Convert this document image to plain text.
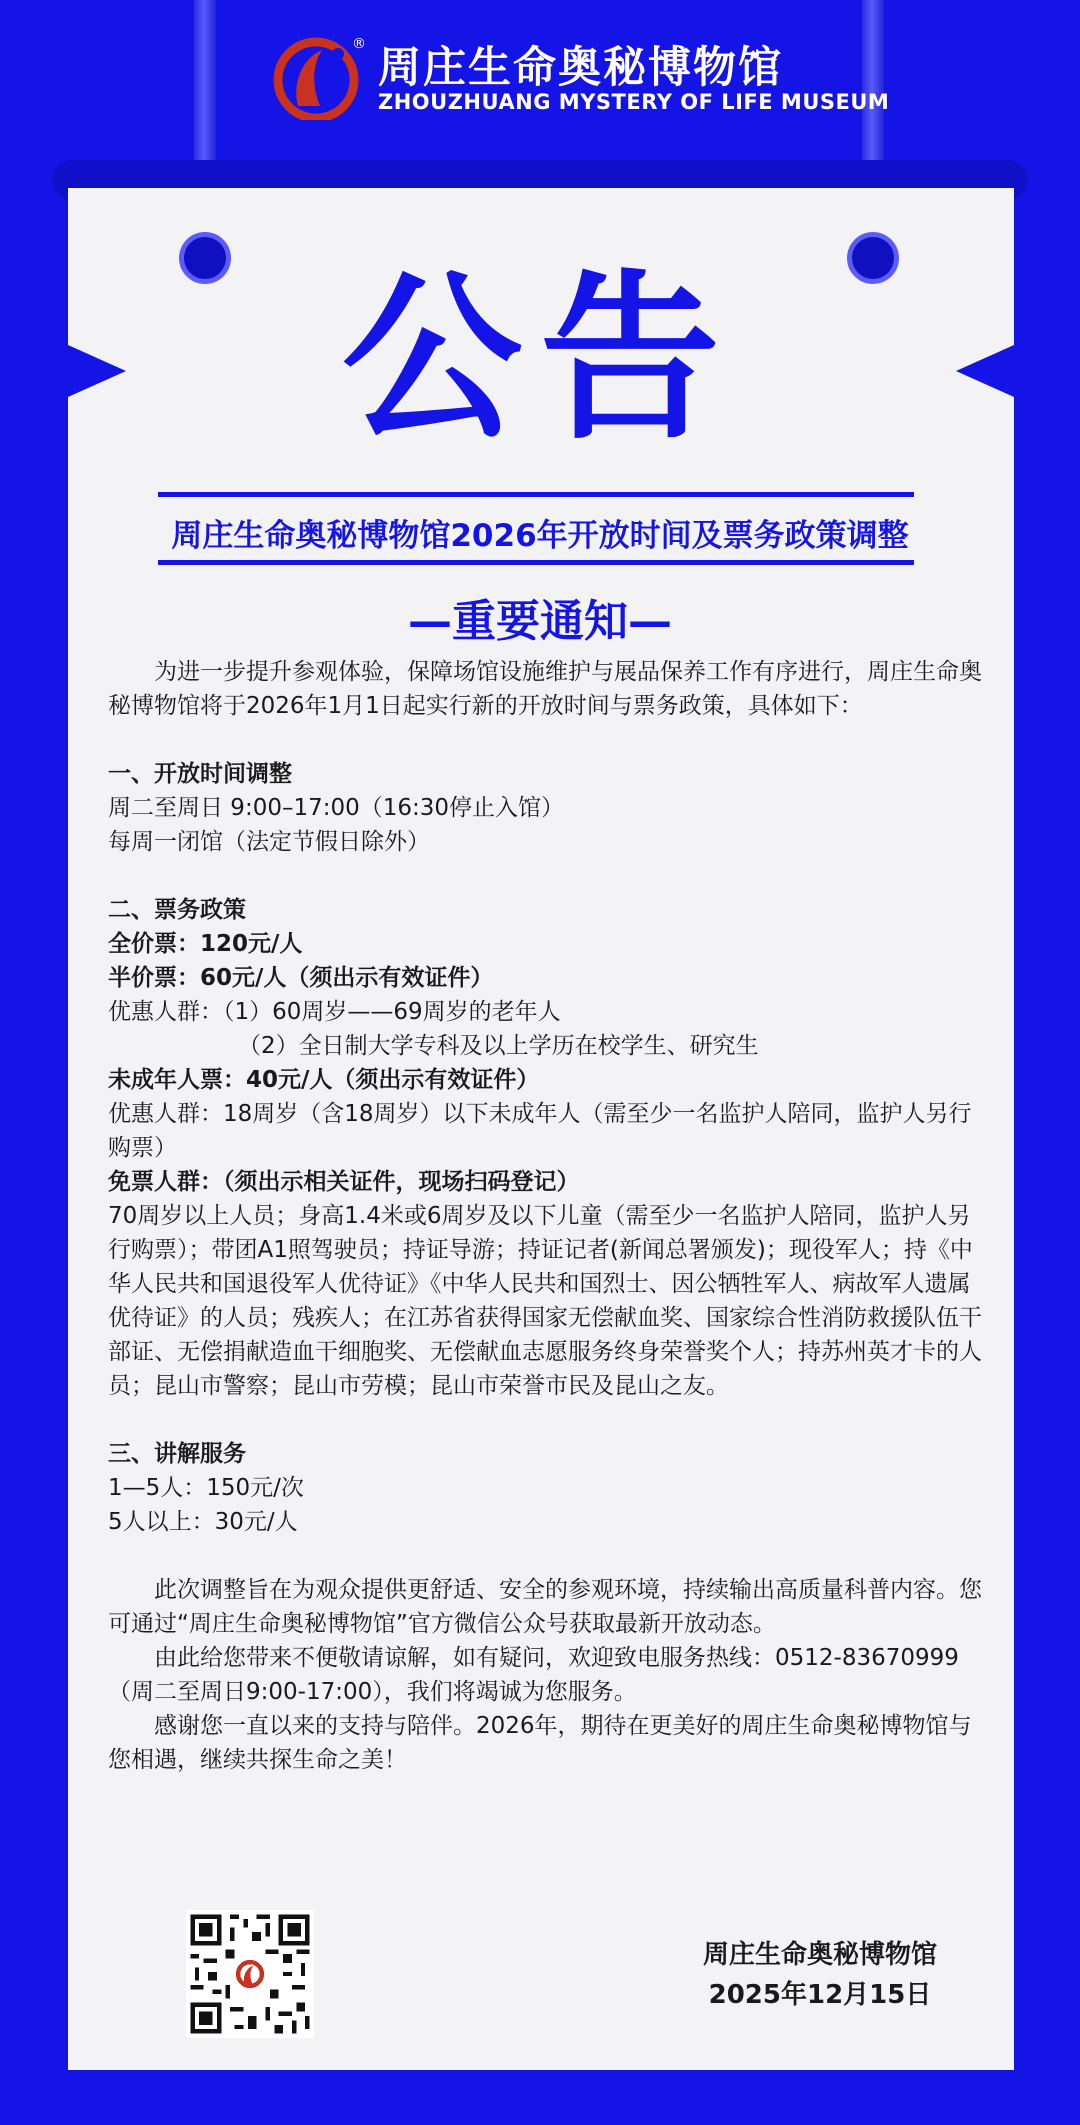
® 周庄生命奥秘博物馆
ZHOUZHUANG MYSTERY OF LIFE MUSEUM
公告
周庄生命奥秘博物馆2026年开放时间及票务政策调整
—重要通知—

为进一步提升参观体验，保障场馆设施维护与展品保养工作有序进行，周庄生命奥秘博物馆将于2026年1月1日起实行新的开放时间与票务政策，具体如下：

一、开放时间调整

周二至周日 9:00–17:00（16:30停止入馆）

每周一闭馆（法定节假日除外）

二、票务政策

全价票：120元/人

半价票：60元/人（须出示有效证件）

优惠人群：（1）60周岁——69周岁的老年人

（2）全日制大学专科及以上学历在校学生、研究生

未成年人票：40元/人（须出示有效证件）

优惠人群：18周岁（含18周岁）以下未成年人（需至少一名监护人陪同，监护人另行购票）

免票人群：（须出示相关证件，现场扫码登记）

70周岁以上人员；身高1.4米或6周岁及以下儿童（需至少一名监护人陪同，监护人另行购票）；带团A1照驾驶员；持证导游；持证记者(新闻总署颁发)；现役军人；持《中华人民共和国退役军人优待证》《中华人民共和国烈士、因公牺牲军人、病故军人遗属优待证》的人员；残疾人；在江苏省获得国家无偿献血奖、国家综合性消防救援队伍干部证、无偿捐献造血干细胞奖、无偿献血志愿服务终身荣誉奖个人；持苏州英才卡的人员；昆山市警察；昆山市劳模；昆山市荣誉市民及昆山之友。

三、讲解服务

1—5人：150元/次

5人以上：30元/人

此次调整旨在为观众提供更舒适、安全的参观环境，持续输出高质量科普内容。您可通过“周庄生命奥秘博物馆”官方微信公众号获取最新开放动态。

由此给您带来不便敬请谅解，如有疑问，欢迎致电服务热线：0512-83670999（周二至周日9:00-17:00），我们将竭诚为您服务。

感谢您一直以来的支持与陪伴。2026年，期待在更美好的周庄生命奥秘博物馆与您相遇，继续共探生命之美！

周庄生命奥秘博物馆
2025年12月15日
